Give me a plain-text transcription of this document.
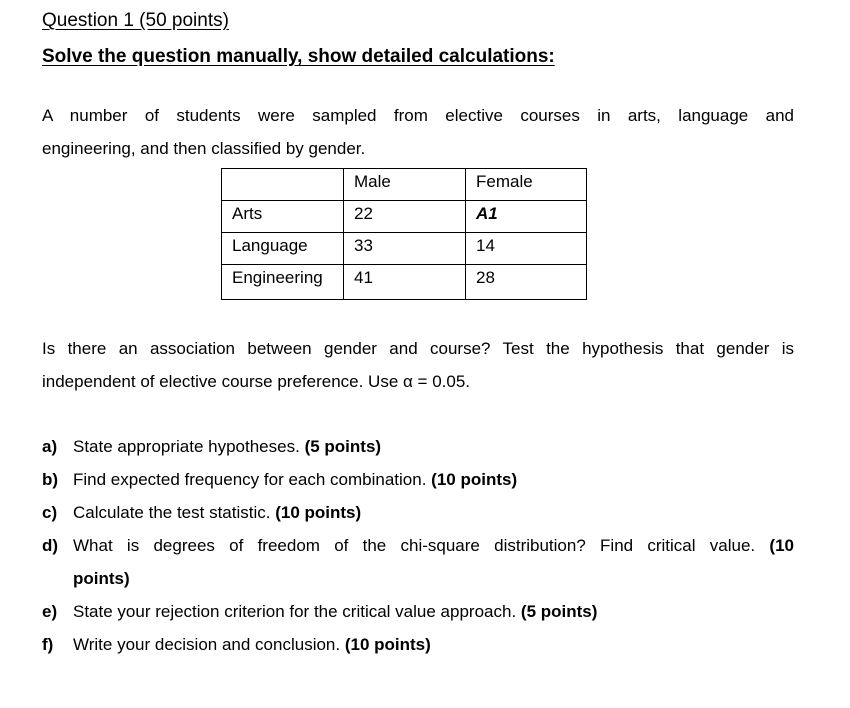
Question 1 (50 points)
Solve the question manually, show detailed calculations:
A number of students were sampled from elective courses in arts, language and
engineering, and then classified by gender.
	Male	Female
Arts	22	A1
Language	33	14
Engineering	41	28
Is there an association between gender and course? Test the hypothesis that gender is
independent of elective course preference. Use α = 0.05.
a) State appropriate hypotheses. (5 points)
b) Find expected frequency for each combination. (10 points)
c) Calculate the test statistic. (10 points)
d) What is degrees of freedom of the chi-square distribution? Find critical value. (10
points)
e) State your rejection criterion for the critical value approach. (5 points)
f) Write your decision and conclusion. (10 points)
